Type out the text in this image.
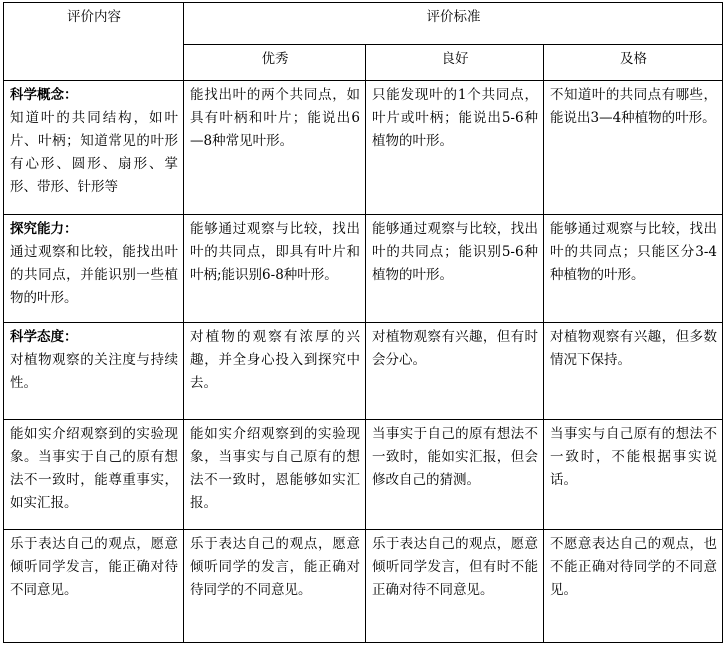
评价内容	评价标准		
	优秀	良好	及格

科学概念：
知道叶的共同结构，如叶片、叶柄；知道常见的叶形有心形、圆形、扇形、掌形、带形、针形等	能找出叶的两个共同点，如具有叶柄和叶片；能说出6—8种常见叶形。	只能发现叶的1个共同点，叶片或叶柄；能说出5-6种植物的叶形。	不知道叶的共同点有哪些，能说出3—4种植物的叶形。

探究能力：
通过观察和比较，能找出叶的共同点，并能识别一些植物的叶形。	能够通过观察与比较，找出叶的共同点，即具有叶片和叶柄;能识别6-8种叶形。	能够通过观察与比较，找出叶的共同点；能识别5-6种植物的叶形。	能够通过观察与比较，找出叶的共同点；只能区分3-4种植物的叶形。

科学态度：
对植物观察的关注度与持续性。	对植物的观察有浓厚的兴趣，并全身心投入到探究中去。	对植物观察有兴趣，但有时会分心。	对植物观察有兴趣，但多数情况下保持。

能如实介绍观察到的实验现象。当事实于自己的原有想法不一致时，能尊重事实，如实汇报。	能如实介绍观察到的实验现象，当事实与自己原有的想法不一致时，恩能够如实汇报。	当事实于自己的原有想法不一致时，能如实汇报，但会修改自己的猜测。	当事实与自己原有的想法不一致时，不能根据事实说话。

乐于表达自己的观点，愿意倾听同学发言，能正确对待不同意见。	乐于表达自己的观点，愿意倾听同学的发言，能正确对待同学的不同意见。	乐于表达自己的观点，愿意倾听同学发言，但有时不能正确对待不同意见。	不愿意表达自己的观点，也不能正确对待同学的不同意见。
